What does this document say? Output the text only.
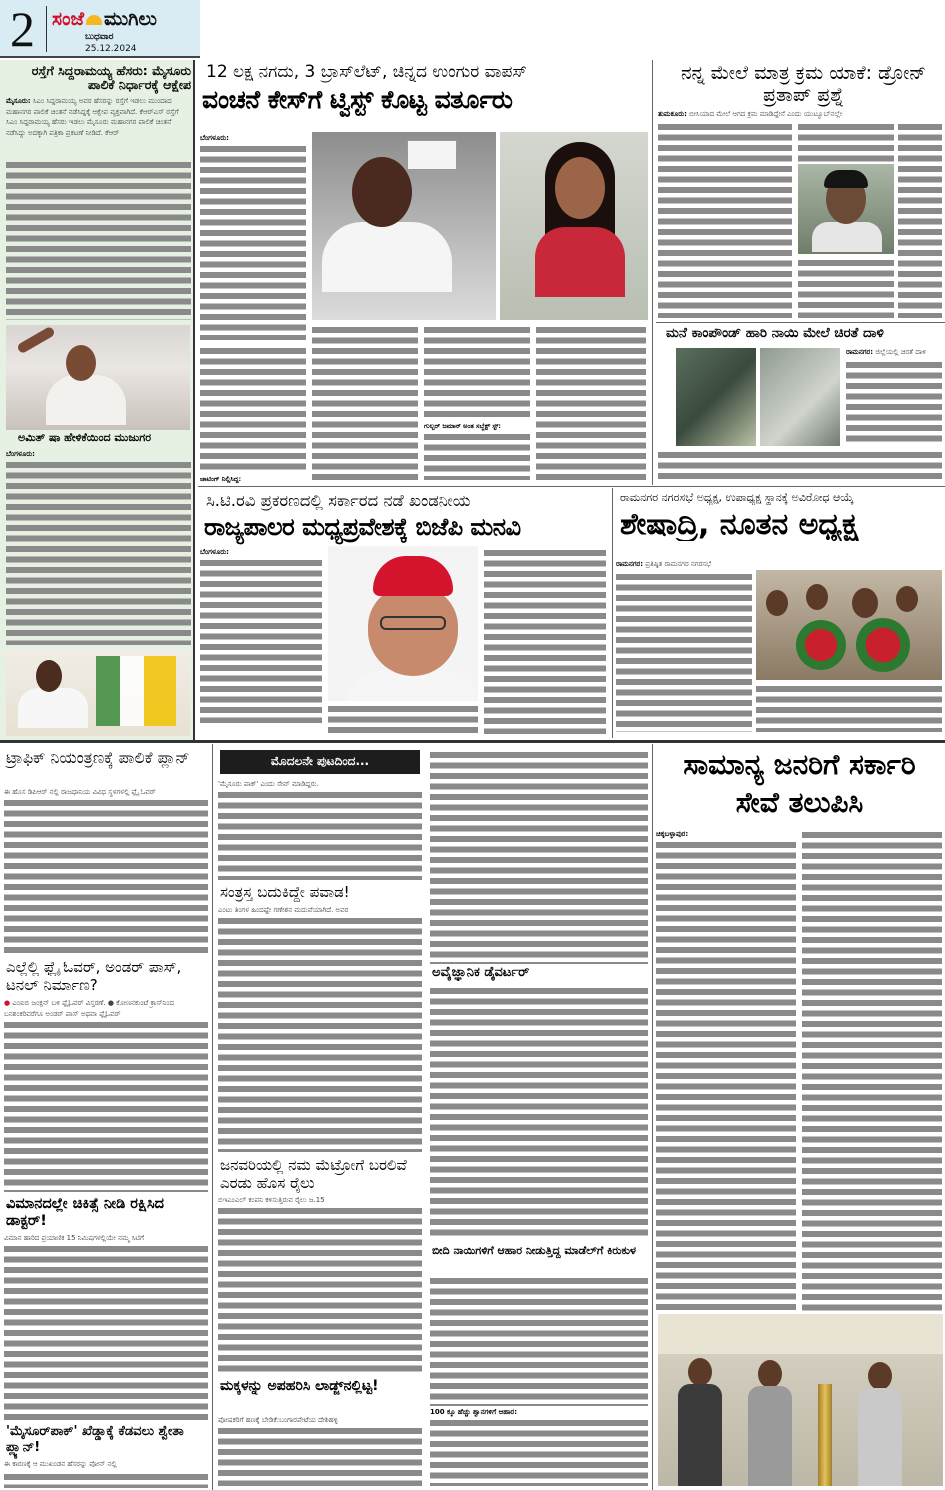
2 ಸಂಜೆ ಮುಗಿಲು
ಬುಧವಾರ
25.12.2024
ರಸ್ತೆಗೆ ಸಿದ್ದರಾಮಯ್ಯ ಹೆಸರು: ಮೈಸೂರು ಪಾಲಿಕೆ ನಿರ್ಧಾರಕ್ಕೆ ಆಕ್ಷೇಪ
ಮೈಸೂರು: ಸಿಎಂ ಸಿದ್ದರಾಮಯ್ಯ ಅವರ ಹೆಸರನ್ನು ರಸ್ತೆಗೆ ಇಡಲು ಮುಂದಾದ ಮಹಾನಗರ ಪಾಲಿಕೆ ಚಿಂತನೆ ನಡೆಸಿದ್ದಕ್ಕೆ ಆಕ್ಷೇಪ ವ್ಯಕ್ತವಾಗಿದೆ. ಕೆಆರ್‌ಎಸ್ ರಸ್ತೆಗೆ ಸಿಎಂ ಸಿದ್ದರಾಮಯ್ಯ ಹೆಸರು ಇಡಲು ಮೈಸೂರು ಮಹಾನಗರ ಪಾಲಿಕೆ ಚಿಂತನೆ ನಡೆಸಿದ್ದು ಅದಕ್ಕಾಗಿ ಪತ್ರಿಕಾ ಪ್ರಕಟಣೆ ನೀಡಿದೆ. ಕೆಆರ್
ಅಮಿತ್ ಷಾ ಹೇಳಿಕೆಯಿಂದ ಮುಜುಗರ
ಬೆಂಗಳೂರು:
12 ಲಕ್ಷ ನಗದು, 3 ಬ್ರಾಸ್‌ಲೆಟ್, ಚಿನ್ನದ ಉಂಗುರ ವಾಪಸ್
ವಂಚನೆ ಕೇಸ್‌ಗೆ ಟ್ವಿಸ್ಟ್ ಕೊಟ್ಟ ವರ್ತೂರು
ಬೆಂಗಳೂರು:
ಗುಲ್ಬರ್ ಜಮಾನ್ ಅಂತ ಸಬ್ಜೆಕ್ಟ್ ಸ್ಟ್:
ಚಾಟಿಂಗ್ ನಿಲ್ಲಿಸಿದ್ದ:
ನನ್ನ ಮೇಲೆ ಮಾತ್ರ ಕ್ರಮ ಯಾಕೆ: ಡ್ರೋನ್ ಪ್ರತಾಪ್ ಪ್ರಶ್ನೆ
ತುಮಕೂರು: ಬೀಸಿಯಾದ ಮೇಲೆ ಆಗದ ಕ್ರಮ ಮಾಡಿದ್ದೇನೆ ಎಂದು ಯುಟ್ಯೂಬ್‌ನಲ್ಲೇ
ಮನೆ ಕಾಂಪೌಂಡ್ ಹಾರಿ ನಾಯಿ ಮೇಲೆ ಚಿರತೆ ದಾಳಿ
ರಾಮನಗರ: ಜಿಲ್ಲೆಯಲ್ಲಿ ಚಿರತೆ ದಾಳಿ
ಸಿ.ಟಿ.ರವಿ ಪ್ರಕರಣದಲ್ಲಿ ಸರ್ಕಾರದ ನಡೆ ಖಂಡನೀಯ
ರಾಜ್ಯಪಾಲರ ಮಧ್ಯಪ್ರವೇಶಕ್ಕೆ ಬಿಜೆಪಿ ಮನವಿ
ಬೆಂಗಳೂರು:
ರಾಮನಗರ ನಗರಸಭೆ ಅಧ್ಯಕ್ಷ, ಉಪಾಧ್ಯಕ್ಷ ಸ್ಥಾನಕ್ಕೆ ಅವಿರೋಧ ಆಯ್ಕೆ
ಶೇಷಾದ್ರಿ, ನೂತನ ಅಧ್ಯಕ್ಷ
ರಾಮನಗರ: ಪ್ರತಿಷ್ಠಿತ ರಾಮನಗರ ನಗರಸಭೆ
ಟ್ರಾಫಿಕ್ ನಿಯಂತ್ರಣಕ್ಕೆ ಪಾಲಿಕೆ ಪ್ಲಾನ್
ಈ ಹೊಸ ಡಿಪಿಆರ್ ನಲ್ಲಿ ರಾಜಧಾನಿಯ ವಿವಿಧ ಸ್ಥಳಗಳಲ್ಲಿ ಫ್ಲೈ ಓವರ್
ಎಲ್ಲೆಲ್ಲಿ ಫ್ಲೈ ಓವರ್, ಅಂಡರ್ ಪಾಸ್, ಟನಲ್ ನಿರ್ಮಾಣ?
● ಎಂಐಬಿ ಜಂಕ್ಷನ್ ಬಳಿ ಫ್ಲೈಓವರ್ ವಿಸ್ತರಣೆ. ● ಕೋಣನಕುಂಟೆ ಕ್ರಾಸ್‌ನಿಂದ ಬನಶಂಕರಿವರೆಗೂ ಅಂಡರ್ ಪಾಸ್ ಅಥವಾ ಫ್ಲೈಓವರ್
ವಿಮಾನದಲ್ಲೇ ಚಿಕಿತ್ಸೆ ನೀಡಿ ರಕ್ಷಿಸಿದ ಡಾಕ್ಟರ್!
ವಿಮಾನ ಹಾರಿದ ಪ್ರಯಾಣಿಕ 15 ನಿಮಿಷಗಳಲ್ಲಿಯೇ ನಮ್ಮ ಸಿಟಿಗೆ
'ಮೈಸೂರ್‌ಪಾಕ್' ಖೆಡ್ಡಾಕ್ಕೆ ಕೆಡವಲು ಶ್ವೇತಾ ಪ್ಲ್ಯಾನ್!
ಈ ಕಾರಣಕ್ಕೆ ಆ ಮುಖಂಡನ ಹೆಸರನ್ನು ಪೋನ್ ನಲ್ಲಿ
ಮೊದಲನೇ ಪುಟದಿಂದ...
'ಮೈಸೂರು ಪಾಕ್' ಎಂದು ಸೇವ್ ಮಾಡಿದ್ದರು.
ಸಂತ್ರಸ್ತ ಬದುಕಿದ್ದೇ ಪವಾಡ!
ಎಂಟು ತಿಂಗಳ ಹಿಂದಷ್ಟೇ ಗಣೇಶನ ಮದುವೆಯಾಗಿದೆ. ಅವರ
ಜನವರಿಯಲ್ಲಿ ನಮ ಮೆಟ್ರೋಗೆ ಬರಲಿವೆ ಎರಡು ಹೊಸ ರೈಲು
ಬಿಇಎಂಎಲ್ ಕಂಪನಿ ಕಳಿಸುತ್ತಿರುವ ರೈಲು ಜ.15
ಮಕ್ಕಳನ್ನು ಅಪಹರಿಸಿ ಲಾಡ್ಜ್‌ನಲ್ಲಿಟ್ಟ!
ಪೋಷಕರಿಗೆ ಹಣಕ್ಕೆ ಬೇಡಿಕೆ:ಬಂಗಾರಪೇಟೆಯ ದೇಶಿಹಳ್ಳಿ
ಅವೈಜ್ಞಾನಿಕ ಡೈವರ್ಟರ್
ಬೀದಿ ನಾಯಿಗಳಿಗೆ ಆಹಾರ ನೀಡುತ್ತಿದ್ದ ಮಾಡೆಲ್‌ಗೆ ಕಿರುಕುಳ
100 ಕ್ಕೂ ಹೆಚ್ಚು ಶ್ವಾನಗಳಿಗೆ ಆಹಾರ:
ಸಾಮಾನ್ಯ ಜನರಿಗೆ ಸರ್ಕಾರಿ ಸೇವೆ ತಲುಪಿಸಿ
ಚಿಕ್ಕಬಳ್ಳಾಪುರ:
